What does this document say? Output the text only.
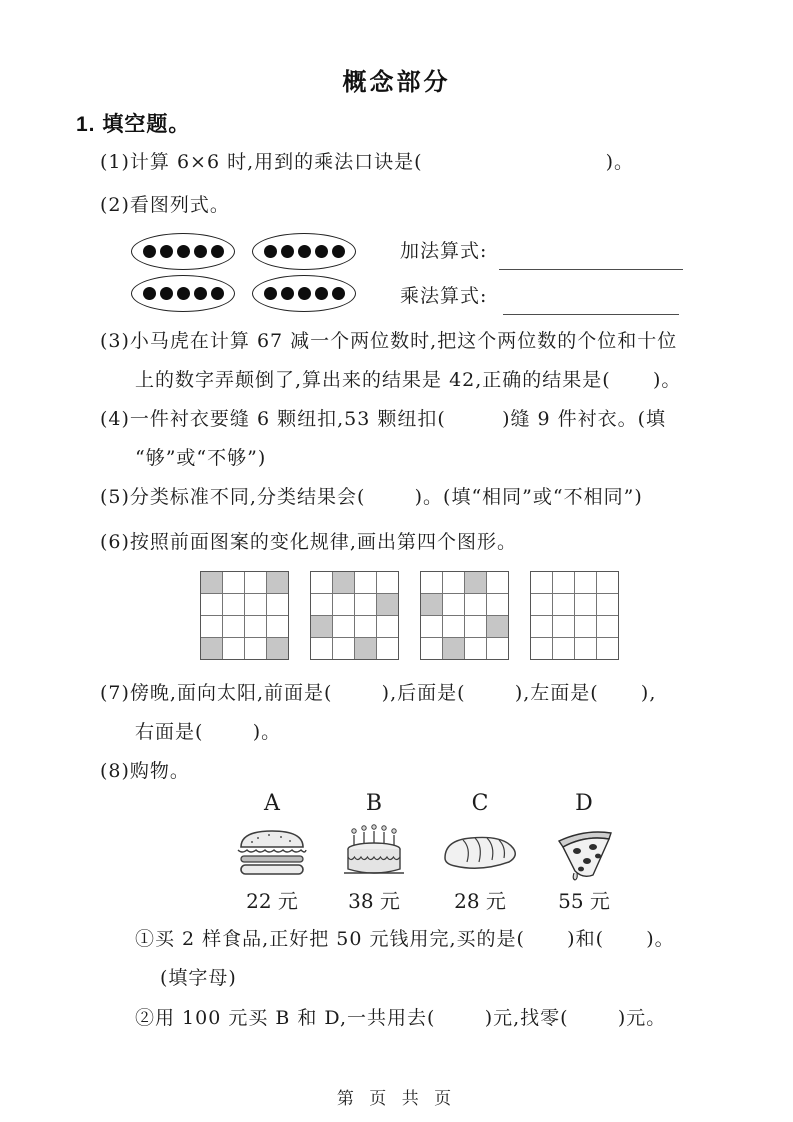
概念部分
1. 填空题。
(1)计算 6×6 时,用到的乘法口诀是(                          )。
(2)看图列式。
加法算式:
乘法算式:
(3)小马虎在计算 67 减一个两位数时,把这个两位数的个位和十位
上的数字弄颠倒了,算出来的结果是 42,正确的结果是(      )。
(4)一件衬衣要缝 6 颗纽扣,53 颗纽扣(        )缝 9 件衬衣。(填
“够”或“不够”)
(5)分类标准不同,分类结果会(       )。(填“相同”或“不相同”)
(6)按照前面图案的变化规律,画出第四个图形。
(7)傍晚,面向太阳,前面是(       ),后面是(       ),左面是(      ),
右面是(       )。
(8)购物。
A
22 元
B
38 元
C
28 元
D
55 元
①买 2 样食品,正好把 50 元钱用完,买的是(      )和(      )。
(填字母)
②用 100 元买 B 和 D,一共用去(       )元,找零(       )元。
第 页 共 页
